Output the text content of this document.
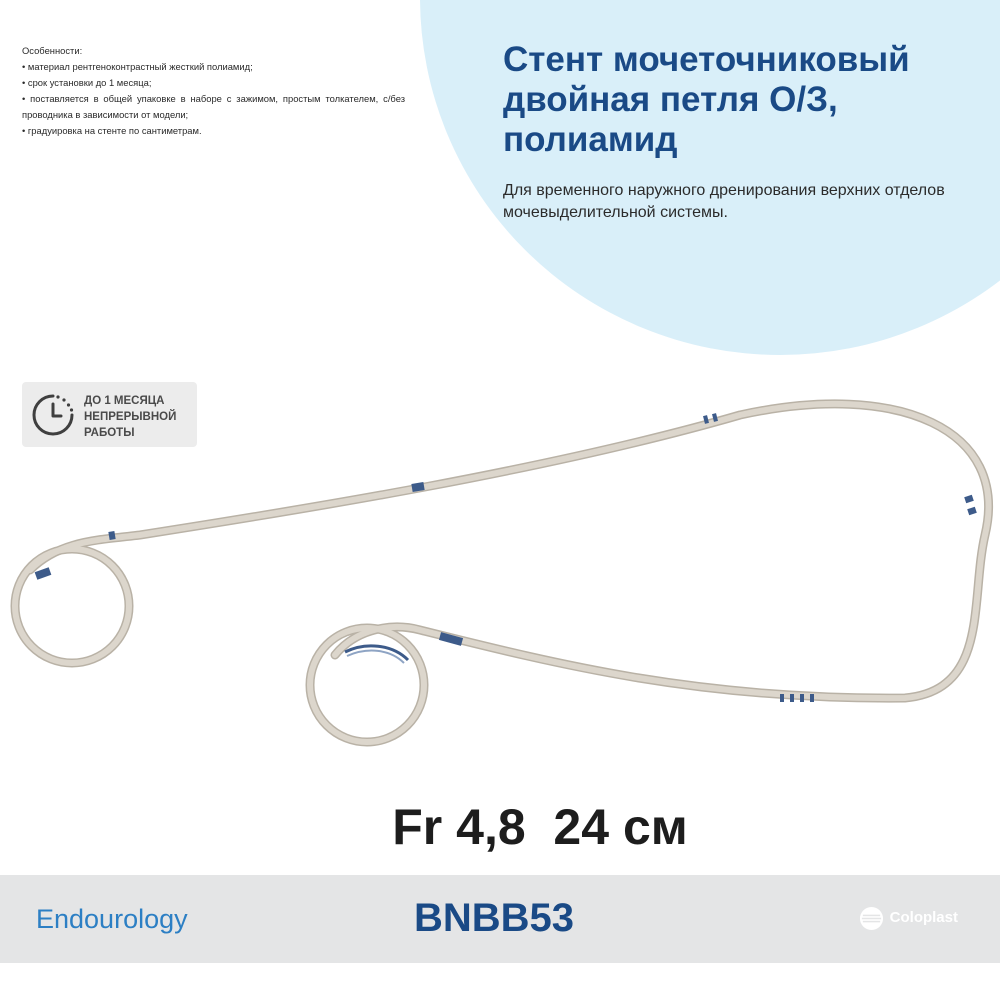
Особенности:

• материал рентгеноконтрастный жесткий полиамид;
• срок установки до 1 месяца;
• поставляется в общей упаковке в наборе с зажимом, простым толкателем, с/без проводника в зависимости от модели;
• градуировка на стенте по сантиметрам.
Стент мочеточниковый двойная петля О/З, полиамид

Для временного наружного дренирования верхних отделов мочевыделительной системы.

ДО 1 МЕСЯЦА
НЕПРЕРЫВНОЙ
РАБОТЫ
Fr 4,8  24 см
Endourology	BNBB53	Coloplast
